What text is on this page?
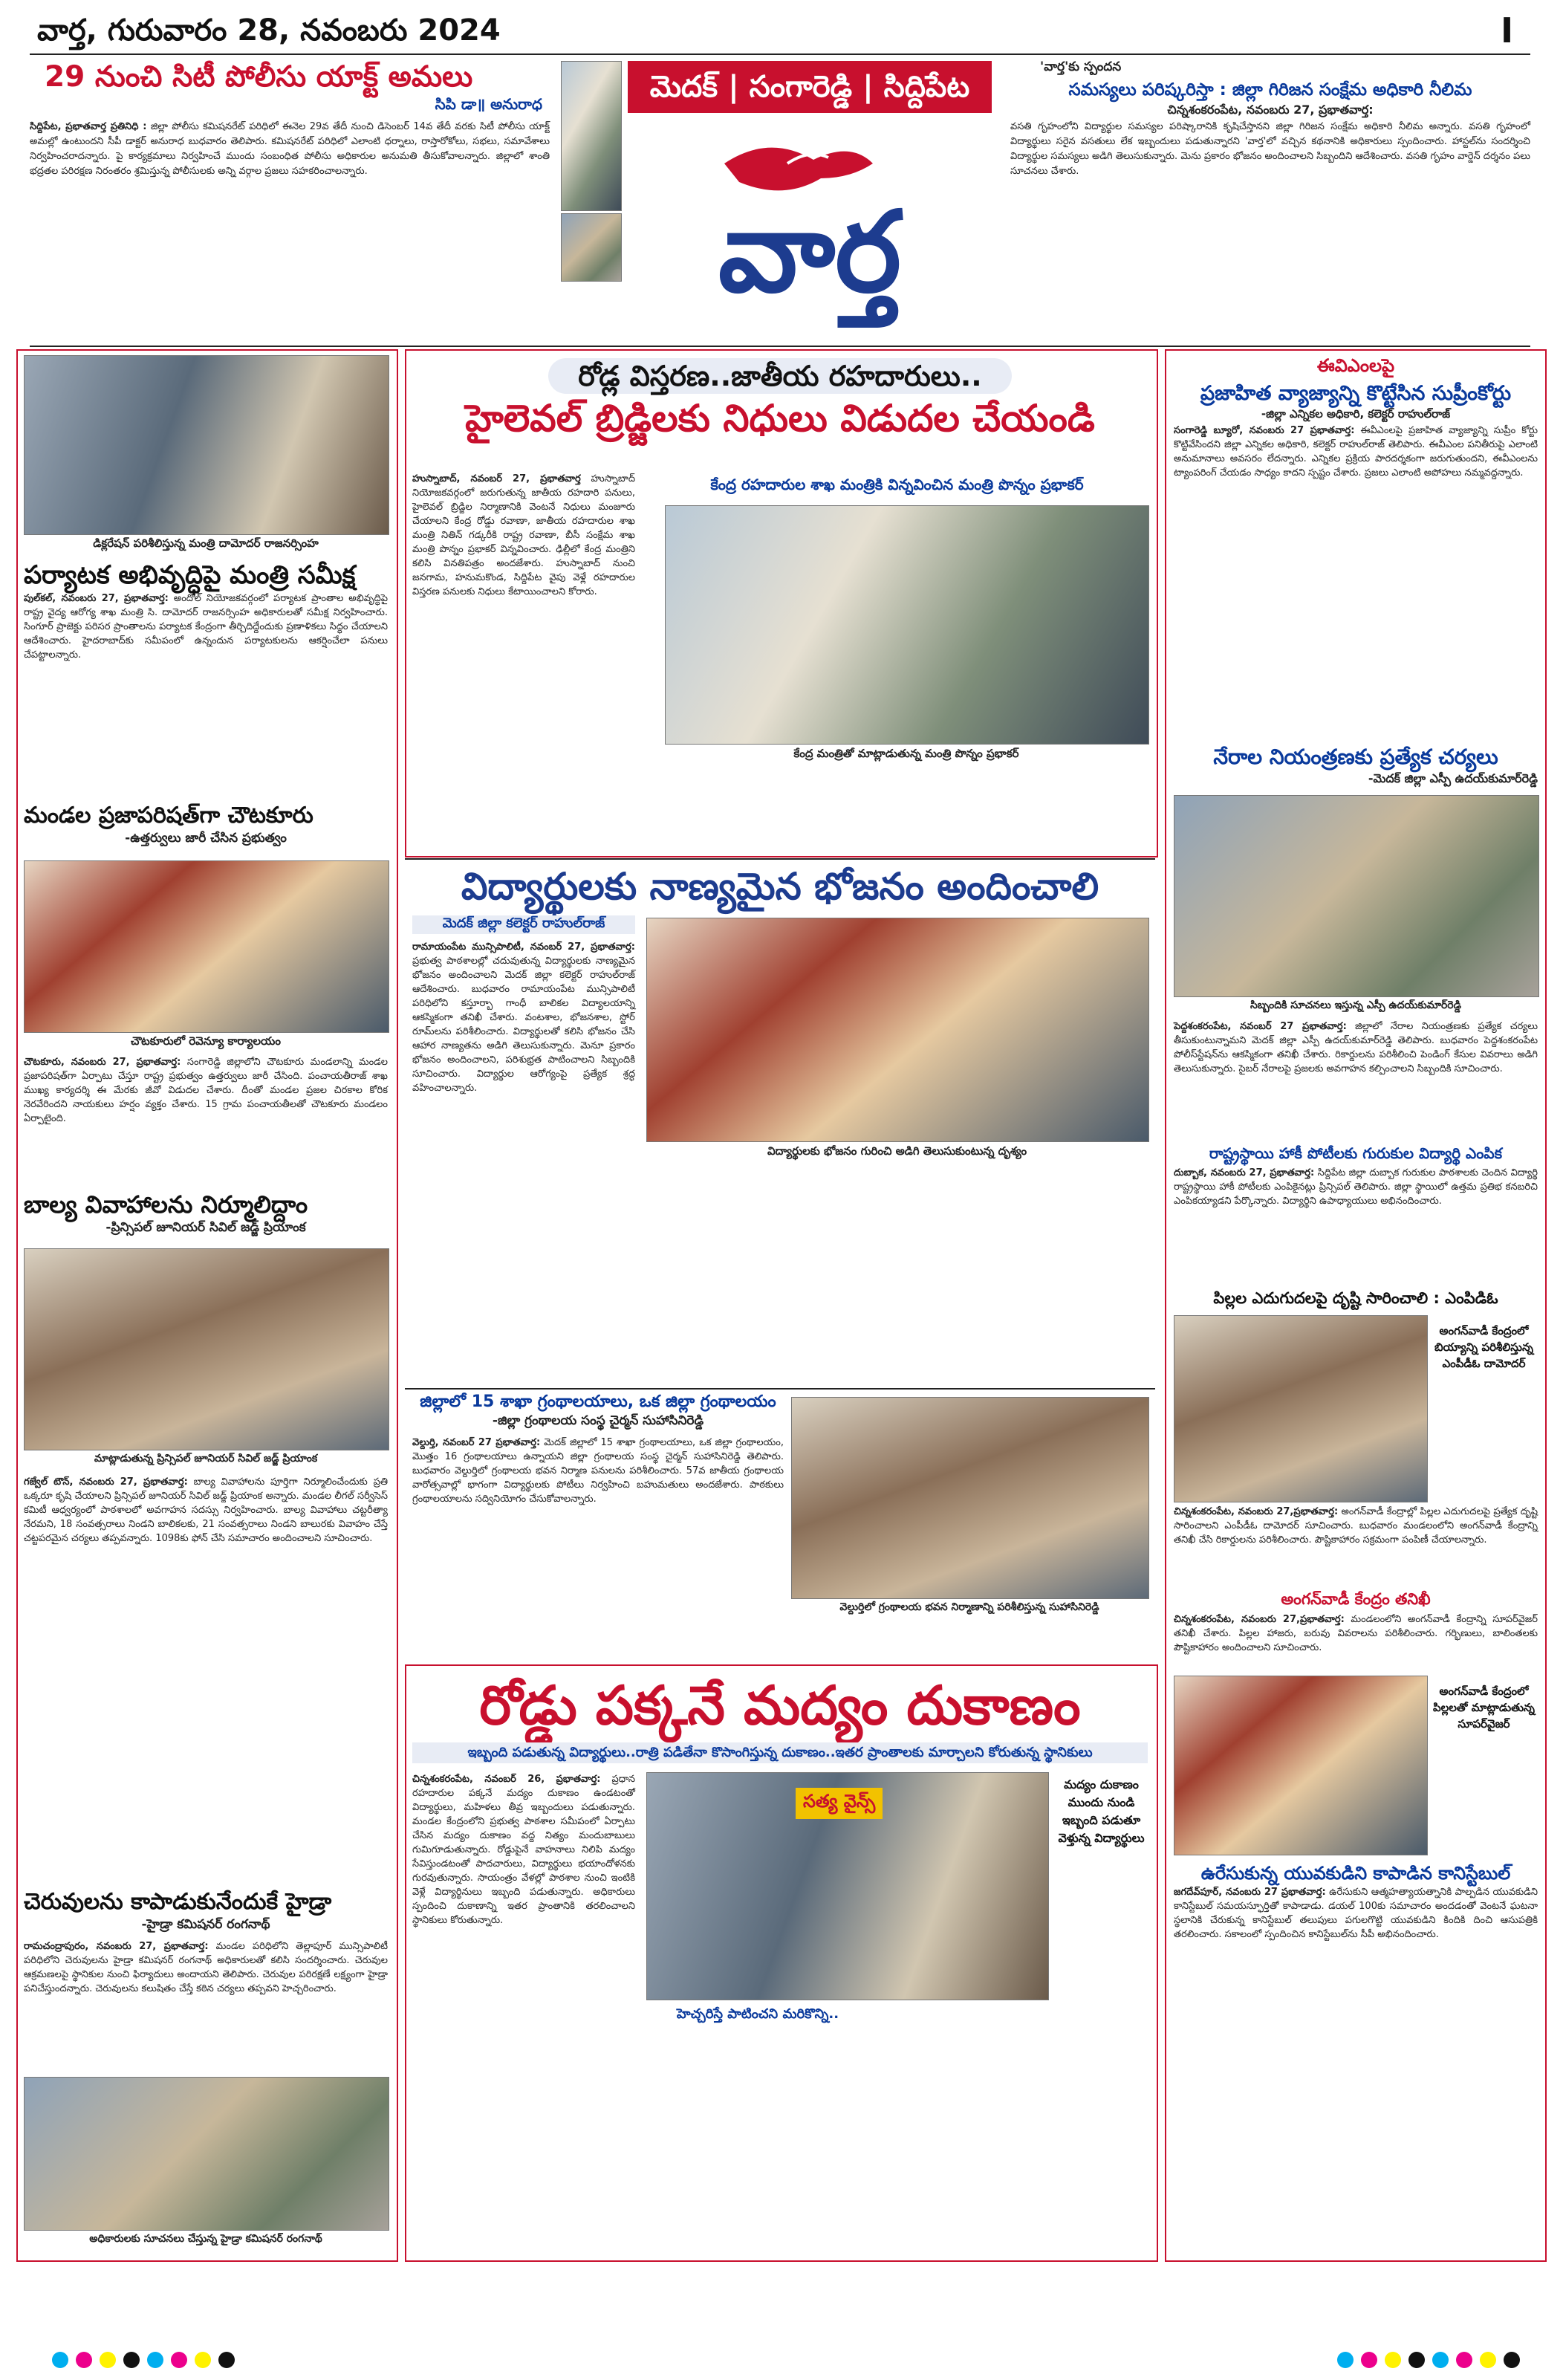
వార్త, గురువారం 28, నవంబరు 2024	I
29 నుంచి సిటీ పోలీసు యాక్ట్ అమలు
సిపి డా॥ అనురాధ
సిద్దిపేట, ప్రభాతవార్త ప్రతినిధి : జిల్లా పోలీసు కమిషనరేట్ పరిధిలో ఈనెల 29వ తేదీ నుంచి డిసెంబర్ 14వ తేదీ వరకు సిటీ పోలీసు యాక్ట్ అమల్లో ఉంటుందని సీపీ డాక్టర్ అనురాధ బుధవారం తెలిపారు. కమిషనరేట్ పరిధిలో ఎలాంటి ధర్నాలు, రాస్తారోకోలు, సభలు, సమావేశాలు నిర్వహించరాదన్నారు. పై కార్యక్రమాలు నిర్వహించే ముందు సంబంధిత పోలీసు అధికారుల అనుమతి తీసుకోవాలన్నారు. జిల్లాలో శాంతి భద్రతల పరిరక్షణ నిరంతరం శ్రమిస్తున్న పోలీసులకు అన్ని వర్గాల ప్రజలు సహకరించాలన్నారు.
మెదక్ | సంగారెడ్డి | సిద్దిపేట
వార్త
'వార్త'కు స్పందన
సమస్యలు పరిష్కరిస్తా : జిల్లా గిరిజన సంక్షేమ అధికారి నీలిమ
చిన్నశంకరంపేట, నవంబరు 27, ప్రభాతవార్త:
వసతి గృహంలోని విద్యార్థుల సమస్యల పరిష్కారానికి కృషిచేస్తానని జిల్లా గిరిజన సంక్షేమ అధికారి నీలిమ అన్నారు. వసతి గృహంలో విద్యార్థులు సరైన వసతులు లేక ఇబ్బందులు పడుతున్నారని 'వార్త'లో వచ్చిన కథనానికి అధికారులు స్పందించారు. హాస్టల్‌ను సందర్శించి విద్యార్థుల సమస్యలు అడిగి తెలుసుకున్నారు. మెను ప్రకారం భోజనం అందించాలని సిబ్బందిని ఆదేశించారు. వసతి గృహం వార్డెన్ దర్శనం పలు సూచనలు చేశారు.
డిక్లరేషన్ పరిశీలిస్తున్న మంత్రి దామోదర్ రాజనర్సింహ
పర్యాటక అభివృద్ధిపై మంత్రి సమీక్ష
పుల్‌కల్, నవంబరు 27, ప్రభాతవార్త: అందోల్ నియోజకవర్గంలో పర్యాటక ప్రాంతాల అభివృద్ధిపై రాష్ట్ర వైద్య ఆరోగ్య శాఖ మంత్రి సి. దామోదర్ రాజనర్సింహ అధికారులతో సమీక్ష నిర్వహించారు. సింగూర్ ప్రాజెక్టు పరిసర ప్రాంతాలను పర్యాటక కేంద్రంగా తీర్చిదిద్దేందుకు ప్రణాళికలు సిద్ధం చేయాలని ఆదేశించారు. హైదరాబాద్‌కు సమీపంలో ఉన్నందున పర్యాటకులను ఆకర్షించేలా పనులు చేపట్టాలన్నారు.
మండల ప్రజాపరిషత్‌గా చౌటకూరు
-ఉత్తర్వులు జారీ చేసిన ప్రభుత్వం
చౌటకూరులో రెవెన్యూ కార్యాలయం
చౌటకూరు, నవంబరు 27, ప్రభాతవార్త: సంగారెడ్డి జిల్లాలోని చౌటకూరు మండలాన్ని మండల ప్రజాపరిషత్‌గా ఏర్పాటు చేస్తూ రాష్ట్ర ప్రభుత్వం ఉత్తర్వులు జారీ చేసింది. పంచాయతీరాజ్ శాఖ ముఖ్య కార్యదర్శి ఈ మేరకు జీవో విడుదల చేశారు. దీంతో మండల ప్రజల చిరకాల కోరిక నెరవేరిందని నాయకులు హర్షం వ్యక్తం చేశారు. 15 గ్రామ పంచాయతీలతో చౌటకూరు మండలం ఏర్పాటైంది.
బాల్య వివాహాలను నిర్మూలిద్దాం
-ప్రిన్సిపల్ జూనియర్ సివిల్ జడ్జ్ ప్రియాంక
మాట్లాడుతున్న ప్రిన్సిపల్ జూనియర్ సివిల్ జడ్జ్ ప్రియాంక
గజ్వేల్ టౌన్, నవంబరు 27, ప్రభాతవార్త: బాల్య వివాహాలను పూర్తిగా నిర్మూలించేందుకు ప్రతి ఒక్కరూ కృషి చేయాలని ప్రిన్సిపల్ జూనియర్ సివిల్ జడ్జ్ ప్రియాంక అన్నారు. మండల లీగల్ సర్వీసెస్ కమిటీ ఆధ్వర్యంలో పాఠశాలలో అవగాహన సదస్సు నిర్వహించారు. బాల్య వివాహాలు చట్టరీత్యా నేరమని, 18 సంవత్సరాలు నిండని బాలికలకు, 21 సంవత్సరాలు నిండని బాలురకు వివాహం చేస్తే చట్టపరమైన చర్యలు తప్పవన్నారు. 1098కు ఫోన్ చేసి సమాచారం అందించాలని సూచించారు.
చెరువులను కాపాడుకునేందుకే హైడ్రా
-హైడ్రా కమిషనర్ రంగనాథ్
రామచంద్రాపురం, నవంబరు 27, ప్రభాతవార్త: మండల పరిధిలోని తెల్లాపూర్ మున్సిపాలిటీ పరిధిలోని చెరువులను హైడ్రా కమిషనర్ రంగనాథ్ అధికారులతో కలిసి సందర్శించారు. చెరువుల ఆక్రమణలపై స్థానికుల నుంచి ఫిర్యాదులు అందాయని తెలిపారు. చెరువుల పరిరక్షణే లక్ష్యంగా హైడ్రా పనిచేస్తుందన్నారు. చెరువులను కలుషితం చేస్తే కఠిన చర్యలు తప్పవని హెచ్చరించారు.
అధికారులకు సూచనలు చేస్తున్న హైడ్రా కమిషనర్ రంగనాథ్
రోడ్ల విస్తరణ..జాతీయ రహదారులు..
హైలెవల్ బ్రిడ్జిలకు నిధులు విడుదల చేయండి
హుస్నాబాద్, నవంబర్ 27, ప్రభాతవార్త హుస్నాబాద్ నియోజకవర్గంలో జరుగుతున్న జాతీయ రహదారి పనులు, హైలెవల్ బ్రిడ్జిల నిర్మాణానికి వెంటనే నిధులు మంజూరు చేయాలని కేంద్ర రోడ్డు రవాణా, జాతీయ రహదారుల శాఖ మంత్రి నితిన్ గడ్కరీకి రాష్ట్ర రవాణా, బీసీ సంక్షేమ శాఖ మంత్రి పొన్నం ప్రభాకర్ విన్నవించారు. ఢిల్లీలో కేంద్ర మంత్రిని కలిసి వినతిపత్రం అందజేశారు. హుస్నాబాద్ నుంచి జనగామ, హనుమకొండ, సిద్దిపేట వైపు వెళ్లే రహదారుల విస్తరణ పనులకు నిధులు కేటాయించాలని కోరారు.
కేంద్ర రహదారుల శాఖ మంత్రికి విన్నవించిన మంత్రి పొన్నం ప్రభాకర్
కేంద్ర మంత్రితో మాట్లాడుతున్న మంత్రి పొన్నం ప్రభాకర్
విద్యార్థులకు నాణ్యమైన భోజనం అందించాలి
మెదక్ జిల్లా కలెక్టర్ రాహుల్‌రాజ్
రామాయంపేట మున్సిపాలిటీ, నవంబర్ 27, ప్రభాతవార్త: ప్రభుత్వ పాఠశాలల్లో చదువుతున్న విద్యార్థులకు నాణ్యమైన భోజనం అందించాలని మెదక్ జిల్లా కలెక్టర్ రాహుల్‌రాజ్ ఆదేశించారు. బుధవారం రామాయంపేట మున్సిపాలిటీ పరిధిలోని కస్తూర్బా గాంధీ బాలికల విద్యాలయాన్ని ఆకస్మికంగా తనిఖీ చేశారు. వంటశాల, భోజనశాల, స్టోర్ రూమ్‌లను పరిశీలించారు. విద్యార్థులతో కలిసి భోజనం చేసి ఆహార నాణ్యతను అడిగి తెలుసుకున్నారు. మెనూ ప్రకారం భోజనం అందించాలని, పరిశుభ్రత పాటించాలని సిబ్బందికి సూచించారు. విద్యార్థుల ఆరోగ్యంపై ప్రత్యేక శ్రద్ధ వహించాలన్నారు.
విద్యార్థులకు భోజనం గురించి అడిగి తెలుసుకుంటున్న దృశ్యం
జిల్లాలో 15 శాఖా గ్రంథాలయాలు, ఒక జిల్లా గ్రంథాలయం
-జిల్లా గ్రంథాలయ సంస్థ చైర్మన్ సుహాసినిరెడ్డి
వెల్దుర్తి, నవంబర్ 27 ప్రభాతవార్త: మెదక్ జిల్లాలో 15 శాఖా గ్రంథాలయాలు, ఒక జిల్లా గ్రంథాలయం, మొత్తం 16 గ్రంథాలయాలు ఉన్నాయని జిల్లా గ్రంథాలయ సంస్థ చైర్మన్ సుహాసినిరెడ్డి తెలిపారు. బుధవారం వెల్దుర్తిలో గ్రంథాలయ భవన నిర్మాణ పనులను పరిశీలించారు. 57వ జాతీయ గ్రంథాలయ వారోత్సవాల్లో భాగంగా విద్యార్థులకు పోటీలు నిర్వహించి బహుమతులు అందజేశారు. పాఠకులు గ్రంథాలయాలను సద్వినియోగం చేసుకోవాలన్నారు.
వెల్దుర్తిలో గ్రంథాలయ భవన నిర్మాణాన్ని పరిశీలిస్తున్న సుహాసినిరెడ్డి
రోడ్డు పక్కనే మద్యం దుకాణం
ఇబ్బంది పడుతున్న విద్యార్థులు..రాత్రి పడితేనా కొసాంగిస్తున్న దుకాణం..ఇతర ప్రాంతాలకు మార్చాలని కోరుతున్న స్థానికులు
చిన్నశంకరంపేట, నవంబర్ 26, ప్రభాతవార్త: ప్రధాన రహదారుల పక్కనే మద్యం దుకాణం ఉండటంతో విద్యార్థులు, మహిళలు తీవ్ర ఇబ్బందులు పడుతున్నారు. మండల కేంద్రంలోని ప్రభుత్వ పాఠశాల సమీపంలో ఏర్పాటు చేసిన మద్యం దుకాణం వద్ద నిత్యం మందుబాబులు గుమిగూడుతున్నారు. రోడ్డుపైనే వాహనాలు నిలిపి మద్యం సేవిస్తుండటంతో పాదచారులు, విద్యార్థులు భయాందోళనకు గురవుతున్నారు. సాయంత్రం వేళల్లో పాఠశాల నుంచి ఇంటికి వెళ్లే విద్యార్థినులు ఇబ్బంది పడుతున్నారు. అధికారులు స్పందించి దుకాణాన్ని ఇతర ప్రాంతానికి తరలించాలని స్థానికులు కోరుతున్నారు.
సత్య వైన్స్
మద్యం దుకాణం ముందు నుండి ఇబ్బంది పడుతూ వెళ్తున్న విద్యార్థులు
హెచ్చరిస్తే పాటించని మరికొన్ని..
ఈవిఎంలపై
ప్రజాహిత వ్యాజ్యాన్ని కొట్టేసిన సుప్రీంకోర్టు
-జిల్లా ఎన్నికల అధికారి, కలెక్టర్ రాహుల్‌రాజ్
సంగారెడ్డి బ్యూరో, నవంబరు 27 ప్రభాతవార్త: ఈవీఎంలపై ప్రజాహిత వ్యాజ్యాన్ని సుప్రీం కోర్టు కొట్టివేసిందని జిల్లా ఎన్నికల అధికారి, కలెక్టర్ రాహుల్‌రాజ్ తెలిపారు. ఈవీఎంల పనితీరుపై ఎలాంటి అనుమానాలు అవసరం లేదన్నారు. ఎన్నికల ప్రక్రియ పారదర్శకంగా జరుగుతుందని, ఈవీఎంలను ట్యాంపరింగ్ చేయడం సాధ్యం కాదని స్పష్టం చేశారు. ప్రజలు ఎలాంటి అపోహలు నమ్మవద్దన్నారు.
నేరాల నియంత్రణకు ప్రత్యేక చర్యలు
-మెదక్ జిల్లా ఎస్పీ ఉదయ్‌కుమార్‌రెడ్డి
సిబ్బందికి సూచనలు ఇస్తున్న ఎస్పీ ఉదయ్‌కుమార్‌రెడ్డి
పెద్దశంకరంపేట, నవంబర్ 27 ప్రభాతవార్త: జిల్లాలో నేరాల నియంత్రణకు ప్రత్యేక చర్యలు తీసుకుంటున్నామని మెదక్ జిల్లా ఎస్పీ ఉదయ్‌కుమార్‌రెడ్డి తెలిపారు. బుధవారం పెద్దశంకరంపేట పోలీస్‌స్టేషన్‌ను ఆకస్మికంగా తనిఖీ చేశారు. రికార్డులను పరిశీలించి పెండింగ్ కేసుల వివరాలు అడిగి తెలుసుకున్నారు. సైబర్ నేరాలపై ప్రజలకు అవగాహన కల్పించాలని సిబ్బందికి సూచించారు.
రాష్ట్రస్థాయి హాకీ పోటీలకు గురుకుల విద్యార్థి ఎంపిక
దుబ్బాక, నవంబరు 27, ప్రభాతవార్త: సిద్దిపేట జిల్లా దుబ్బాక గురుకుల పాఠశాలకు చెందిన విద్యార్థి రాష్ట్రస్థాయి హాకీ పోటీలకు ఎంపికైనట్లు ప్రిన్సిపల్ తెలిపారు. జిల్లా స్థాయిలో ఉత్తమ ప్రతిభ కనబరిచి ఎంపికయ్యాడని పేర్కొన్నారు. విద్యార్థిని ఉపాధ్యాయులు అభినందించారు.
పిల్లల ఎదుగుదలపై దృష్టి సారించాలి : ఎంపిడిఓ
అంగన్‌వాడీ కేంద్రంలో బియ్యాన్ని పరిశీలిస్తున్న ఎంపీడీఓ దామోదర్
చిన్నశంకరంపేట, నవంబరు 27,ప్రభాతవార్త: అంగన్‌వాడీ కేంద్రాల్లో పిల్లల ఎదుగుదలపై ప్రత్యేక దృష్టి సారించాలని ఎంపీడీఓ దామోదర్ సూచించారు. బుధవారం మండలంలోని అంగన్‌వాడీ కేంద్రాన్ని తనిఖీ చేసి రికార్డులను పరిశీలించారు. పౌష్టికాహారం సక్రమంగా పంపిణీ చేయాలన్నారు.
అంగన్‌వాడీ కేంద్రం తనిఖీ
చిన్నశంకరంపేట, నవంబరు 27,ప్రభాతవార్త: మండలంలోని అంగన్‌వాడీ కేంద్రాన్ని సూపర్‌వైజర్ తనిఖీ చేశారు. పిల్లల హాజరు, బరువు వివరాలను పరిశీలించారు. గర్భిణులు, బాలింతలకు పౌష్టికాహారం అందించాలని సూచించారు.
అంగన్‌వాడీ కేంద్రంలో పిల్లలతో మాట్లాడుతున్న సూపర్‌వైజర్
ఉరేసుకున్న యువకుడిని కాపాడిన కానిస్టేబుల్
జగదేవ్‌పూర్, నవంబరు 27 ప్రభాతవార్త: ఉరేసుకుని ఆత్మహత్యాయత్నానికి పాల్పడిన యువకుడిని కానిస్టేబుల్ సమయస్ఫూర్తితో కాపాడాడు. డయల్ 100కు సమాచారం అందడంతో వెంటనే ఘటనా స్థలానికి చేరుకున్న కానిస్టేబుల్ తలుపులు పగులగొట్టి యువకుడిని కిందికి దించి ఆసుపత్రికి తరలించారు. సకాలంలో స్పందించిన కానిస్టేబుల్‌ను సీపీ అభినందించారు.
